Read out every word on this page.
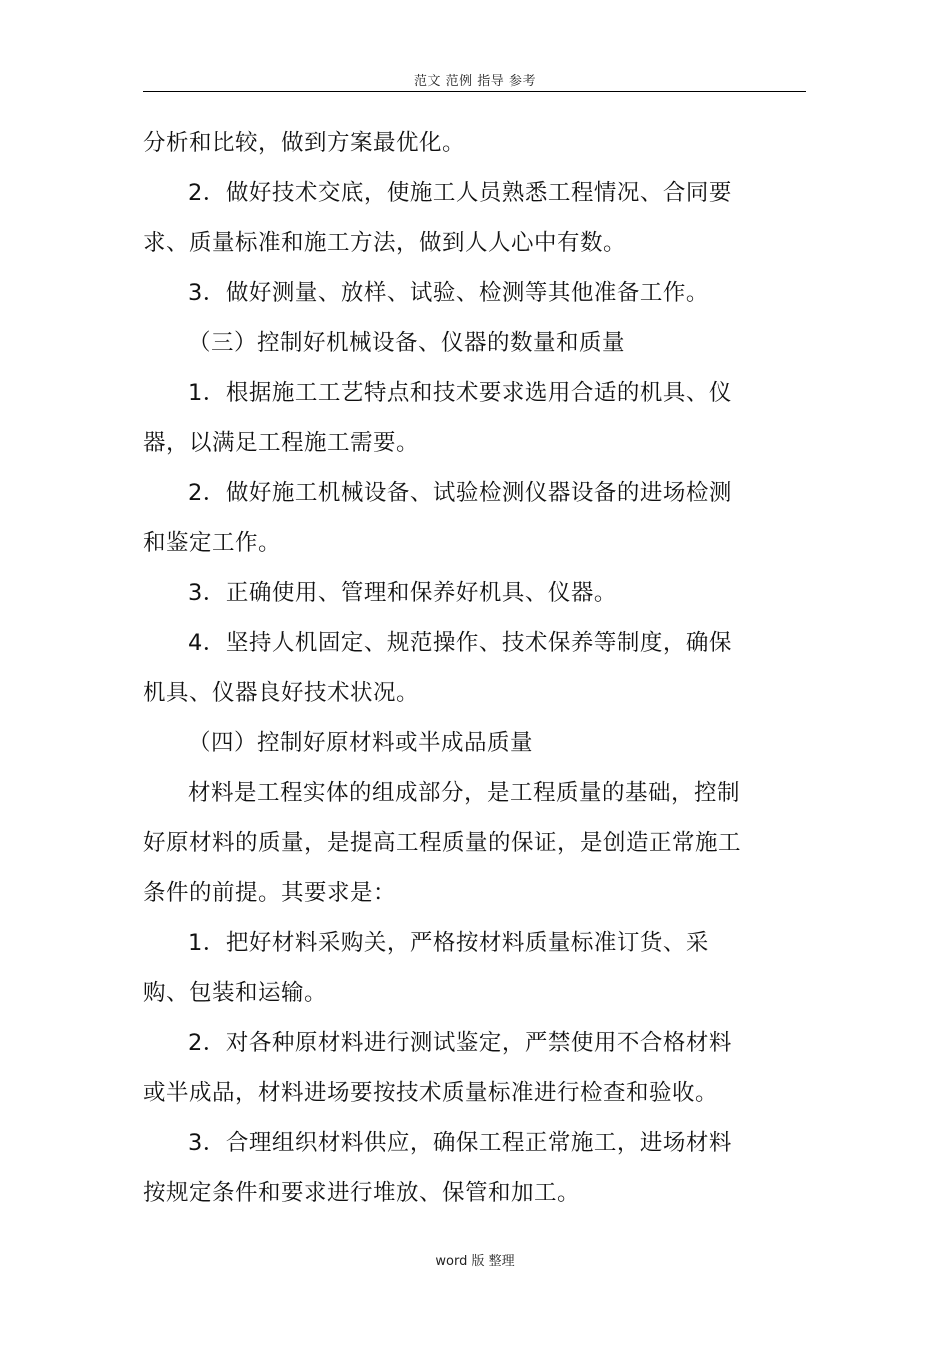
范文 范例 指导 参考

分析和比较，做到方案最优化。

2．做好技术交底，使施工人员熟悉工程情况、合同要求、质量标准和施工方法，做到人人心中有数。

3．做好测量、放样、试验、检测等其他准备工作。

（三）控制好机械设备、仪器的数量和质量

1．根据施工工艺特点和技术要求选用合适的机具、仪器，以满足工程施工需要。

2．做好施工机械设备、试验检测仪器设备的进场检测和鉴定工作。

3．正确使用、管理和保养好机具、仪器。

4．坚持人机固定、规范操作、技术保养等制度，确保机具、仪器良好技术状况。

（四）控制好原材料或半成品质量

材料是工程实体的组成部分，是工程质量的基础，控制好原材料的质量，是提高工程质量的保证，是创造正常施工条件的前提。其要求是：

1．把好材料采购关，严格按材料质量标准订货、采购、包装和运输。

2．对各种原材料进行测试鉴定，严禁使用不合格材料或半成品，材料进场要按技术质量标准进行检查和验收。

3．合理组织材料供应，确保工程正常施工，进场材料按规定条件和要求进行堆放、保管和加工。

word 版 整理
